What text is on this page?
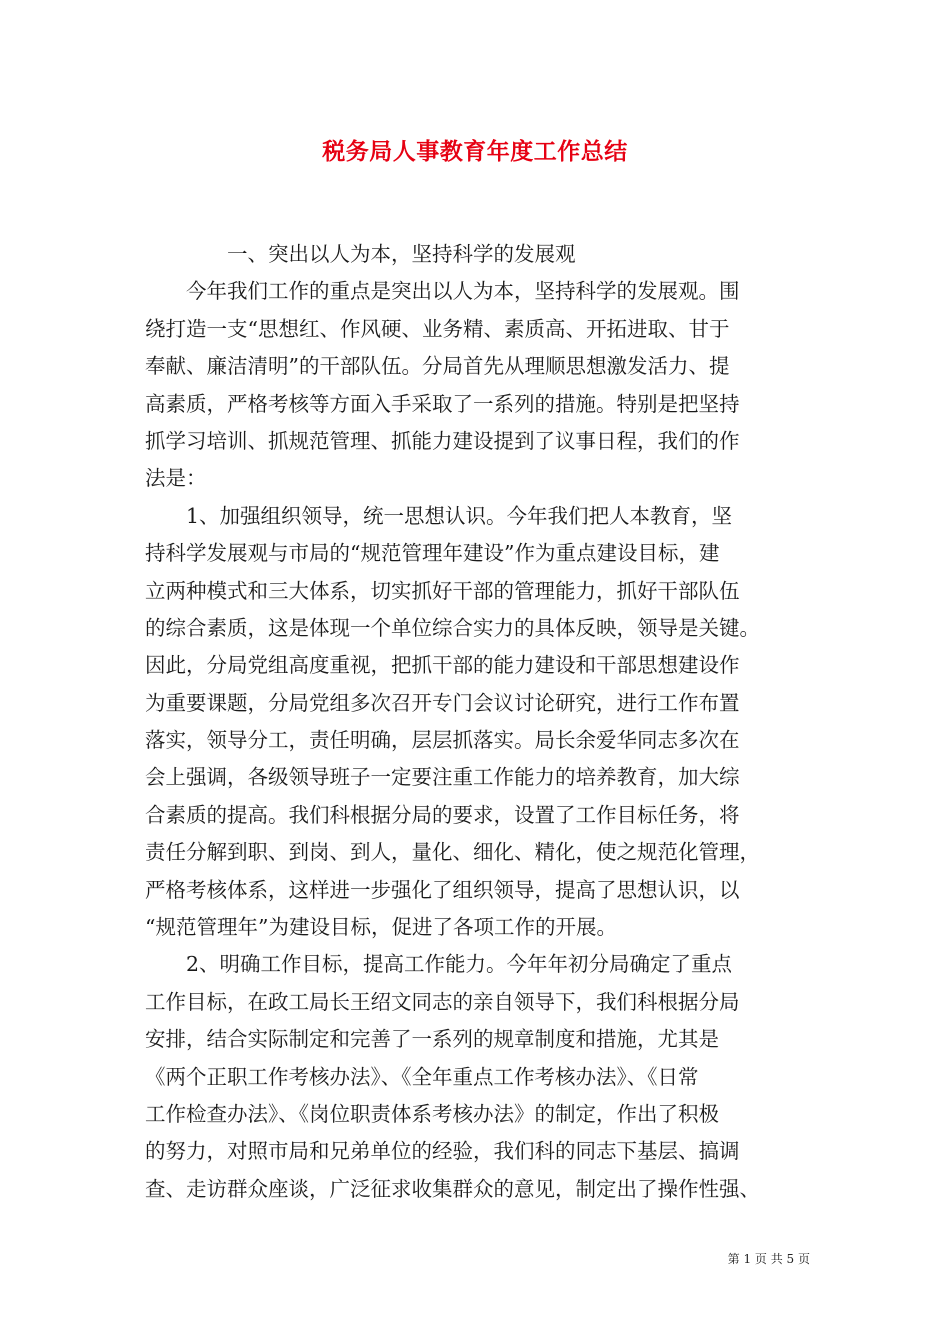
税务局人事教育年度工作总结
一、突出以人为本，坚持科学的发展观
今年我们工作的重点是突出以人为本，坚持科学的发展观。围
绕打造一支“思想红、作风硬、业务精、素质高、开拓进取、甘于
奉献、廉洁清明”的干部队伍。分局首先从理顺思想激发活力、提
高素质，严格考核等方面入手采取了一系列的措施。特别是把坚持
抓学习培训、抓规范管理、抓能力建设提到了议事日程，我们的作
法是：
1、加强组织领导，统一思想认识。今年我们把人本教育，坚
持科学发展观与市局的“规范管理年建设”作为重点建设目标，建
立两种模式和三大体系，切实抓好干部的管理能力，抓好干部队伍
的综合素质，这是体现一个单位综合实力的具体反映，领导是关键。
因此，分局党组高度重视，把抓干部的能力建设和干部思想建设作
为重要课题，分局党组多次召开专门会议讨论研究，进行工作布置
落实，领导分工，责任明确，层层抓落实。局长余爱华同志多次在
会上强调，各级领导班子一定要注重工作能力的培养教育，加大综
合素质的提高。我们科根据分局的要求，设置了工作目标任务，将
责任分解到职、到岗、到人，量化、细化、精化，使之规范化管理，
严格考核体系，这样进一步强化了组织领导，提高了思想认识，以
“规范管理年”为建设目标，促进了各项工作的开展。
2、明确工作目标，提高工作能力。今年年初分局确定了重点
工作目标，在政工局长王绍文同志的亲自领导下，我们科根据分局
安排，结合实际制定和完善了一系列的规章制度和措施，尤其是
《两个正职工作考核办法》、《全年重点工作考核办法》、《日常
工作检查办法》、《岗位职责体系考核办法》的制定，作出了积极
的努力，对照市局和兄弟单位的经验，我们科的同志下基层、搞调
查、走访群众座谈，广泛征求收集群众的意见，制定出了操作性强、
第 1 页 共 5 页
